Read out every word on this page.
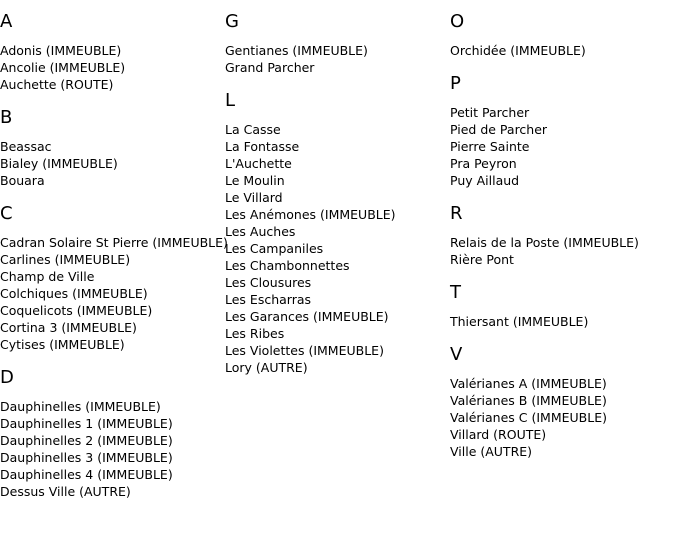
A
Adonis (IMMEUBLE)
Ancolie (IMMEUBLE)
Auchette (ROUTE)
B
Beassac
Bialey (IMMEUBLE)
Bouara
C
Cadran Solaire St Pierre (IMMEUBLE)
Carlines (IMMEUBLE)
Champ de Ville
Colchiques (IMMEUBLE)
Coquelicots (IMMEUBLE)
Cortina 3 (IMMEUBLE)
Cytises (IMMEUBLE)
D
Dauphinelles (IMMEUBLE)
Dauphinelles 1 (IMMEUBLE)
Dauphinelles 2 (IMMEUBLE)
Dauphinelles 3 (IMMEUBLE)
Dauphinelles 4 (IMMEUBLE)
Dessus Ville (AUTRE)
G
Gentianes (IMMEUBLE)
Grand Parcher
L
La Casse
La Fontasse
L'Auchette
Le Moulin
Le Villard
Les Anémones (IMMEUBLE)
Les Auches
Les Campaniles
Les Chambonnettes
Les Clousures
Les Escharras
Les Garances (IMMEUBLE)
Les Ribes
Les Violettes (IMMEUBLE)
Lory (AUTRE)
O
Orchidée (IMMEUBLE)
P
Petit Parcher
Pied de Parcher
Pierre Sainte
Pra Peyron
Puy Aillaud
R
Relais de la Poste (IMMEUBLE)
Rière Pont
T
Thiersant (IMMEUBLE)
V
Valérianes A (IMMEUBLE)
Valérianes B (IMMEUBLE)
Valérianes C (IMMEUBLE)
Villard (ROUTE)
Ville (AUTRE)
